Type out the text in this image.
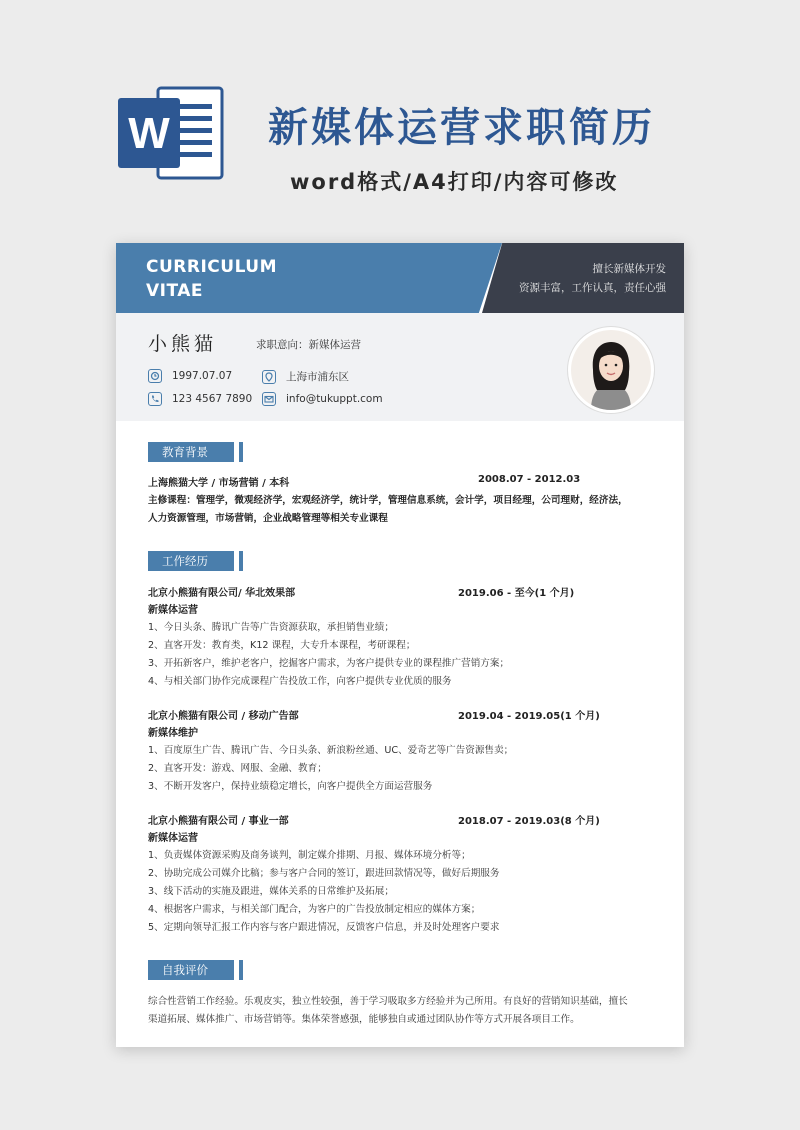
W 新媒体运营求职简历
word格式/A4打印/内容可修改
CURRICULUM
VITAE
擅长新媒体开发
资源丰富，工作认真，责任心强
小熊猫	求职意向：新媒体运营
1997.07.07	上海市浦东区
123 4567 7890	info@tukuppt.com
教育背景
上海熊猫大学 / 市场营销 / 本科	2008.07 - 2012.03
主修课程：管理学，微观经济学，宏观经济学，统计学，管理信息系统，会计学，项目经理，公司理财，经济法，
人力资源管理，市场营销，企业战略管理等相关专业课程
工作经历
北京小熊猫有限公司/ 华北效果部	2019.06 - 至今(1 个月)
新媒体运营
1、今日头条、腾讯广告等广告资源获取，承担销售业绩；
2、直客开发：教育类，K12 课程，大专升本课程，考研课程；
3、开拓新客户，维护老客户，挖掘客户需求，为客户提供专业的课程推广营销方案；
4、与相关部门协作完成课程广告投放工作，向客户提供专业优质的服务
北京小熊猫有限公司 / 移动广告部	2019.04 - 2019.05(1 个月)
新媒体维护
1、百度原生广告、腾讯广告、今日头条、新浪粉丝通、UC、爱奇艺等广告资源售卖；
2、直客开发：游戏、网服、金融、教育；
3、不断开发客户，保持业绩稳定增长，向客户提供全方面运营服务
北京小熊猫有限公司 / 事业一部	2018.07 - 2019.03(8 个月)
新媒体运营
1、负责媒体资源采购及商务谈判，制定媒介排期、月报、媒体环境分析等；
2、协助完成公司媒介比稿；参与客户合同的签订，跟进回款情况等，做好后期服务
3、线下活动的实施及跟进，媒体关系的日常维护及拓展；
4、根据客户需求，与相关部门配合，为客户的广告投放制定相应的媒体方案；
5、定期向领导汇报工作内容与客户跟进情况，反馈客户信息，并及时处理客户要求
自我评价
综合性营销工作经验。乐观皮实，独立性较强，善于学习吸取多方经验并为己所用。有良好的营销知识基础，擅长
渠道拓展、媒体推广、市场营销等。集体荣誉感强，能够独自或通过团队协作等方式开展各项目工作。
